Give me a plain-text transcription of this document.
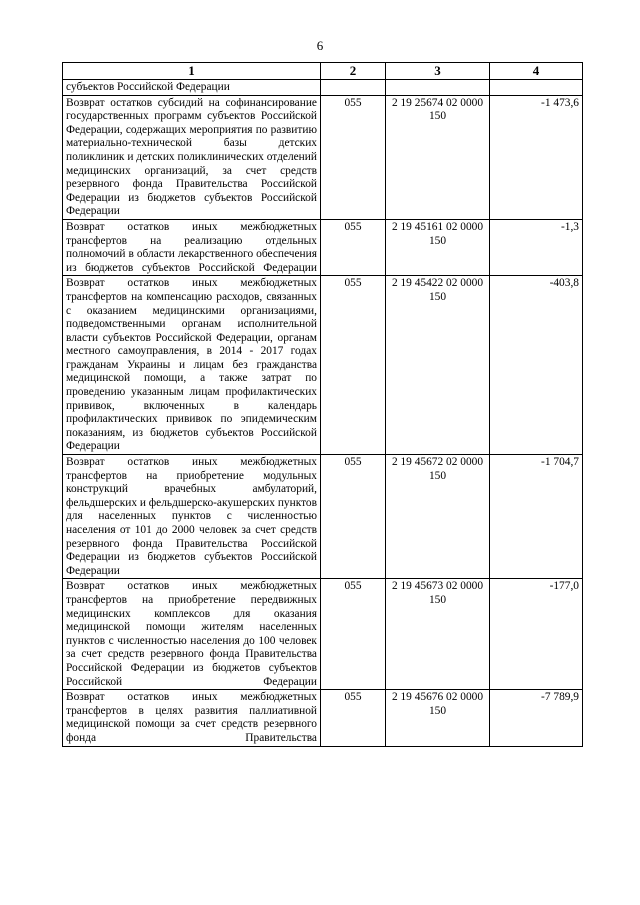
6
1	2	3	4
субъектов Российской Федерации			
Возврат остатков субсидий на софинансирование государственных программ субъектов Российской Федерации, содержащих мероприятия по развитию материально-технической базы детских поликлиник и детских поликлинических отделений медицинских организаций, за счет средств резервного фонда Правительства Российской Федерации из бюджетов субъектов Российской Федерации	055	2 19 25674 02 0000
150	-1 473,6
Возврат остатков иных межбюджетных трансфертов на реализацию отдельных полномочий в области лекарственного обеспечения из бюджетов субъектов Российской Федерации	055	2 19 45161 02 0000
150	-1,3
Возврат остатков иных межбюджетных трансфертов на компенсацию расходов, связанных с оказанием медицинскими организациями, подведомственными органам исполнительной власти субъектов Российской Федерации, органам местного самоуправления, в 2014 - 2017 годах гражданам Украины и лицам без гражданства медицинской помощи, а также затрат по проведению указанным лицам профилактических прививок, включенных в календарь профилактических прививок по эпидемическим показаниям, из бюджетов субъектов Российской Федерации	055	2 19 45422 02 0000
150	-403,8
Возврат остатков иных межбюджетных трансфертов на приобретение модульных конструкций врачебных амбулаторий, фельдшерских и фельдшерско-акушерских пунктов для населенных пунктов с численностью населения от 101 до 2000 человек за счет средств резервного фонда Правительства Российской Федерации из бюджетов субъектов Российской Федерации	055	2 19 45672 02 0000
150	-1 704,7
Возврат остатков иных межбюджетных трансфертов на приобретение передвижных медицинских комплексов для оказания медицинской помощи жителям населенных пунктов с численностью населения до 100 человек за счет средств резервного фонда Правительства Российской Федерации из бюджетов субъектов Российской Федерации	055	2 19 45673 02 0000
150	-177,0
Возврат остатков иных межбюджетных трансфертов в целях развития паллиативной медицинской помощи за счет средств резервного фонда Правительства	055	2 19 45676 02 0000
150	-7 789,9
